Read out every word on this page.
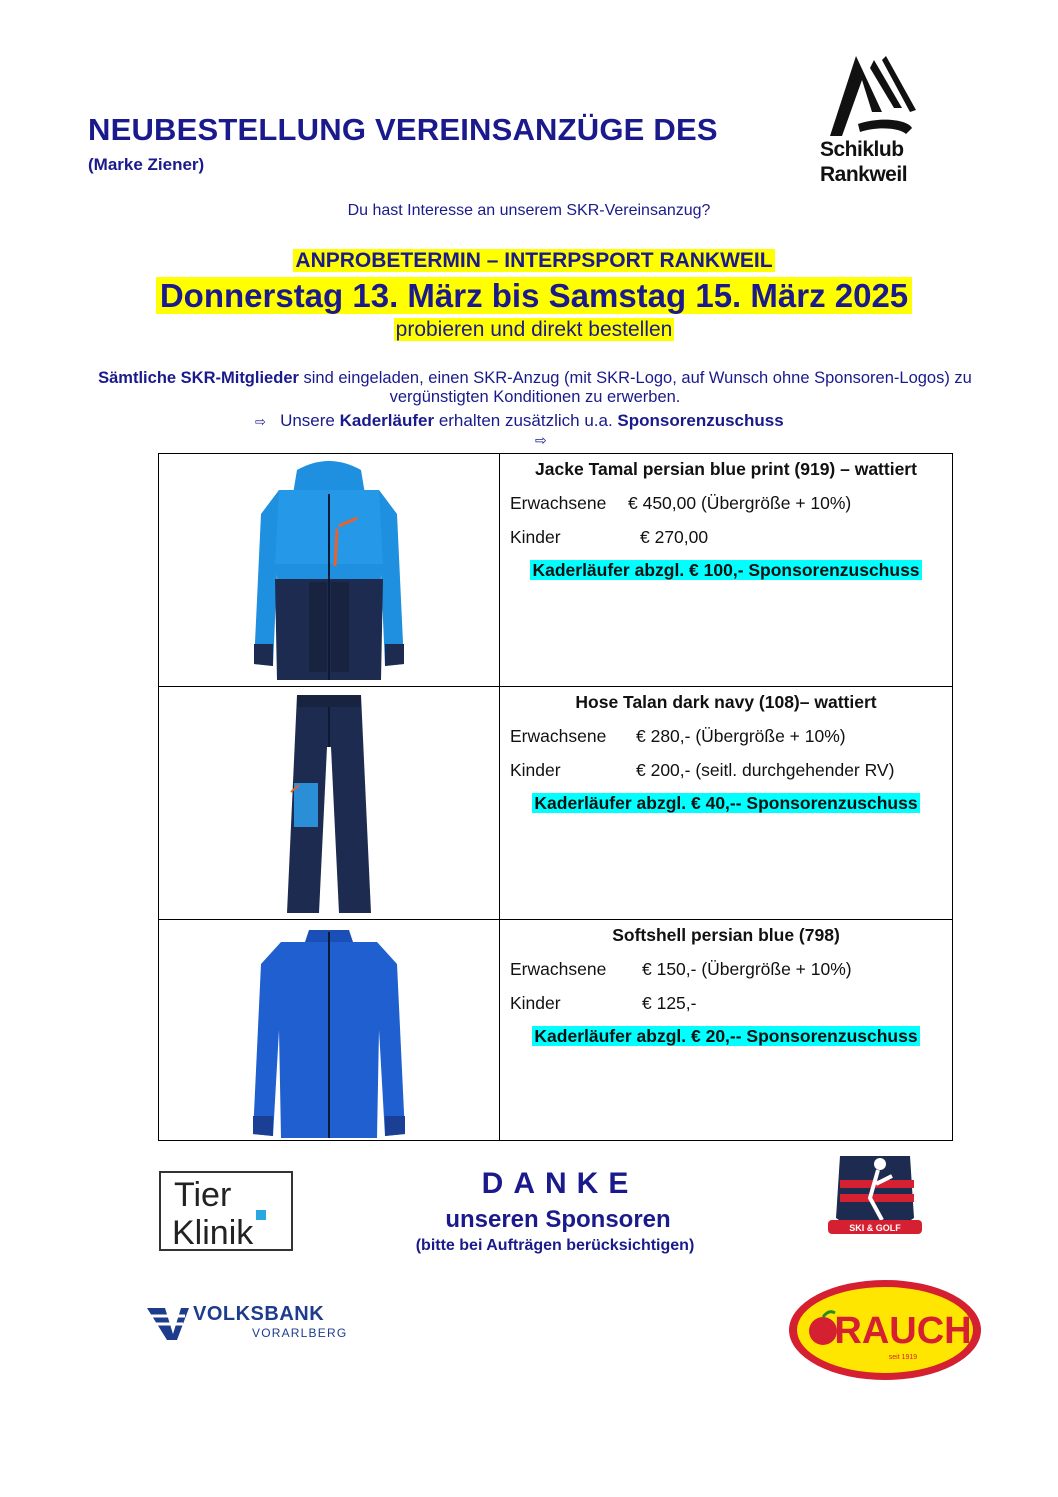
NEUBESTELLUNG VEREINSANZÜGE DES
(Marke Ziener)
Schiklub
Rankweil
Du hast Interesse an unserem SKR-Vereinsanzug?
ANPROBETERMIN – INTERPSPORT RANKWEIL
Donnerstag 13. März bis Samstag 15. März 2025
probieren und direkt bestellen
Sämtliche SKR-Mitglieder sind eingeladen, einen SKR-Anzug (mit SKR-Logo, auf Wunsch ohne Sponsoren-Logos) zu vergünstigten Konditionen zu erwerben.
⇨ Unsere Kaderläufer erhalten zusätzlich u.a. Sponsorenzuschuss
⇨

Jacke Tamal persian blue print (919) – wattiert
Erwachsene € 450,00 (Übergröße + 10%)
Kinder € 270,00
Kaderläufer abzgl. € 100,- Sponsorenzuschuss

Hose Talan dark navy (108)– wattiert
Erwachsene € 280,- (Übergröße + 10%)
Kinder € 200,- (seitl. durchgehender RV)
Kaderläufer abzgl. € 40,-- Sponsorenzuschuss

Softshell persian blue (798)
Erwachsene € 150,- (Übergröße + 10%)
Kinder € 125,-
Kaderläufer abzgl. € 20,-- Sponsorenzuschuss
Tier
Klinik
DANKE
unseren Sponsoren
(bitte bei Aufträgen berücksichtigen)
SKI & GOLF
VOLKSBANK
VORARLBERG	RAUCH
seit 1919
